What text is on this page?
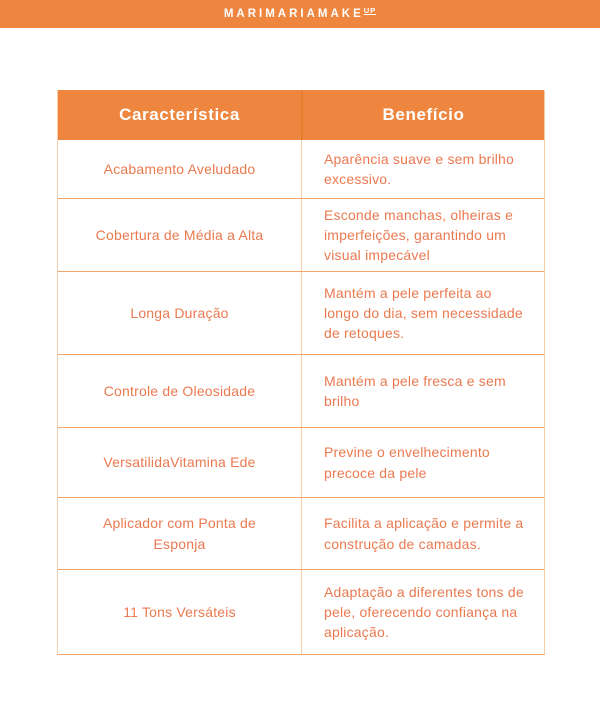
$MARIMARIAMAKE^{UP}$
Característica	Benefício
Acabamento Aveludado
Aparência suave e sem brilho excessivo.
Cobertura de Média a Alta
Esconde manchas, olheiras e imperfeições, garantindo um visual impecável
Longa Duração
Mantém a pele perfeita ao longo do dia, sem necessidade de retoques.
Controle de Oleosidade
Mantém a pele fresca e sem brilho
VersatilidaVitamina Ede
Previne o envelhecimento precoce da pele
Aplicador com Ponta de Esponja
Facilita a aplicação e permite a construção de camadas.
11 Tons Versáteis
Adaptação a diferentes tons de pele, oferecendo confiança na aplicação.
